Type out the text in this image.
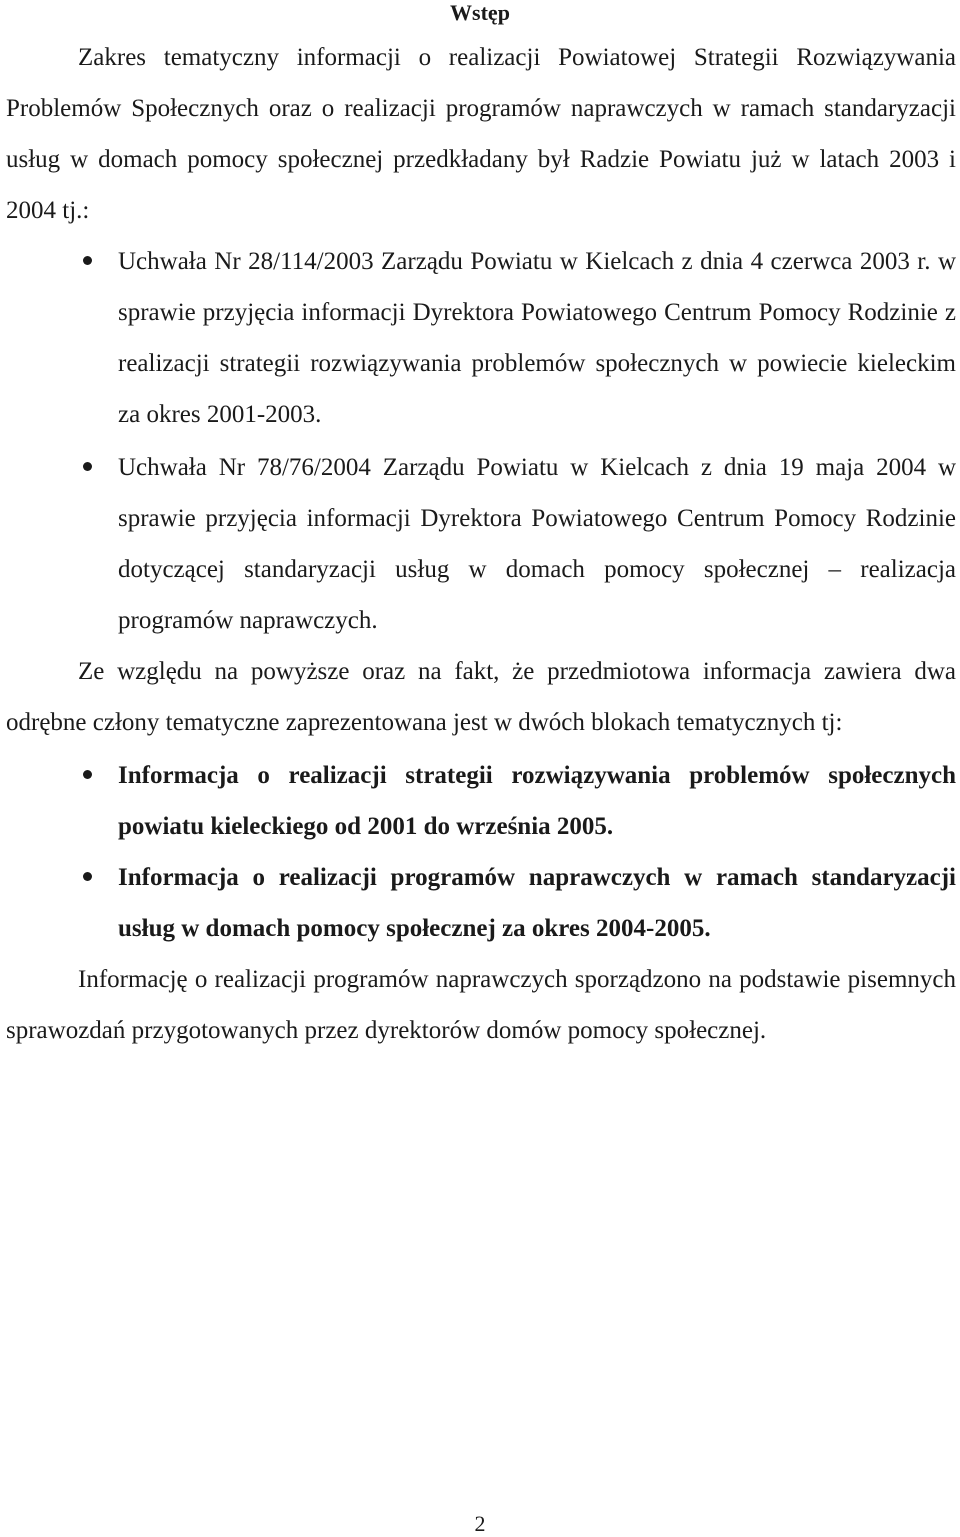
Wstęp

Zakres tematyczny informacji o realizacji Powiatowej Strategii Rozwiązywania Problemów Społecznych oraz o realizacji programów naprawczych w ramach standaryzacji usług w domach pomocy społecznej przedkładany był Radzie Powiatu już w latach 2003 i 2004 tj.:

Uchwała Nr 28/114/2003 Zarządu Powiatu w Kielcach z dnia 4 czerwca 2003 r. w sprawie przyjęcia informacji Dyrektora Powiatowego Centrum Pomocy Rodzinie z realizacji strategii rozwiązywania problemów społecznych w powiecie kieleckim za okres 2001-2003.
Uchwała Nr 78/76/2004 Zarządu Powiatu w Kielcach z dnia 19 maja 2004 w sprawie przyjęcia informacji Dyrektora Powiatowego Centrum Pomocy Rodzinie dotyczącej standaryzacji usług w domach pomocy społecznej – realizacja programów naprawczych.

Ze względu na powyższe oraz na fakt, że przedmiotowa informacja zawiera dwa odrębne człony tematyczne zaprezentowana jest w dwóch blokach tematycznych tj:

Informacja o realizacji strategii rozwiązywania problemów społecznych powiatu kieleckiego od 2001 do września 2005.
Informacja o realizacji programów naprawczych w ramach standaryzacji usług w domach pomocy społecznej za okres 2004-2005.

Informację o realizacji programów naprawczych sporządzono na podstawie pisemnych sprawozdań przygotowanych przez dyrektorów domów pomocy społecznej.

2
